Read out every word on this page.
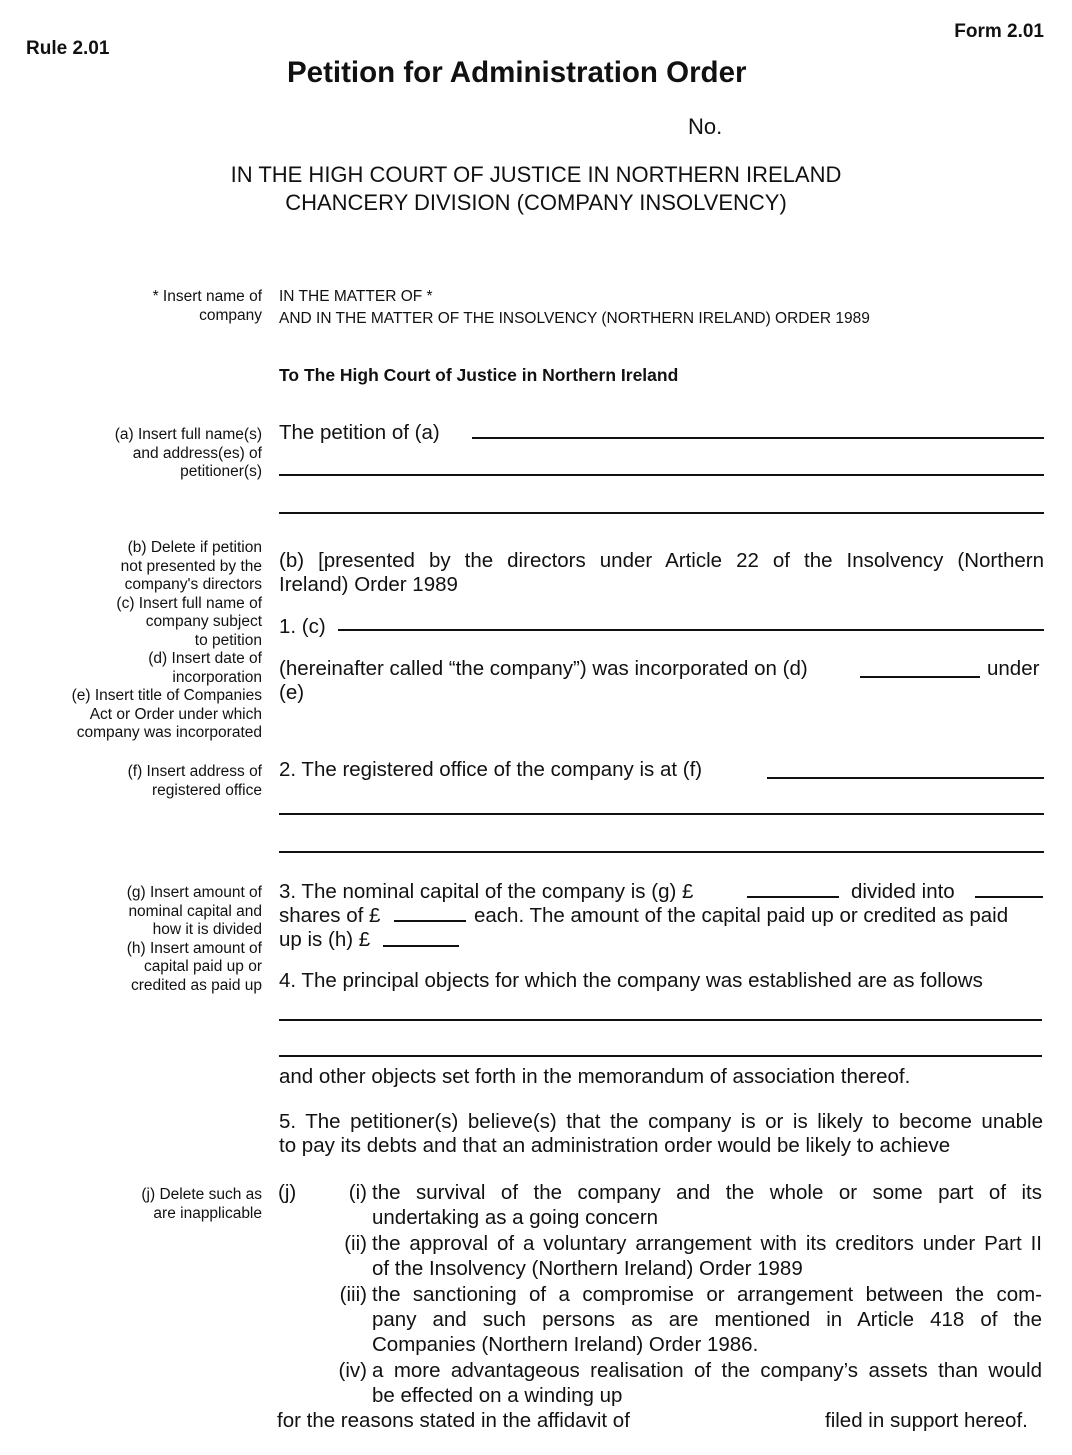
Rule 2.01
Form 2.01
Petition for Administration Order
No.
IN THE HIGH COURT OF JUSTICE IN NORTHERN IRELAND
CHANCERY DIVISION (COMPANY INSOLVENCY)
* Insert name of
company
(a) Insert full name(s)
and address(es) of
petitioner(s)
(b) Delete if petition
not presented by the
company's directors
(c) Insert full name of
company subject
to petition
(d) Insert date of
incorporation
(e) Insert title of Companies
Act or Order under which
company was incorporated
(f) Insert address of
registered office
(g) Insert amount of
nominal capital and
how it is divided
(h) Insert amount of
capital paid up or
credited as paid up
(j) Delete such as
are inapplicable
IN THE MATTER OF *
AND IN THE MATTER OF THE INSOLVENCY (NORTHERN IRELAND) ORDER 1989
To The High Court of Justice in Northern Ireland
The petition of (a)
(b) [presented by the directors under Article 22 of the Insolvency (Northern
Ireland) Order 1989
1. (c)
(hereinafter called “the company”) was incorporated on (d)	under
(e)
2. The registered office of the company is at (f)
3. The nominal capital of the company is (g) £	divided into
shares of £	each. The amount of the capital paid up or credited as paid
up is (h) £
4. The principal objects for which the company was established are as follows
and other objects set forth in the memorandum of association thereof.
5. The petitioner(s) believe(s) that the company is or is likely to become unable
to pay its debts and that an administration order would be likely to achieve
(j)	(i) the survival of the company and the whole or some part of its
undertaking as a going concern
(ii) the approval of a voluntary arrangement with its creditors under Part II
of the Insolvency (Northern Ireland) Order 1989
(iii) the sanctioning of a compromise or arrangement between the com-
pany and such persons as are mentioned in Article 418 of the
Companies (Northern Ireland) Order 1986.
(iv) a more advantageous realisation of the company’s assets than would
be effected on a winding up
for the reasons stated in the affidavit of	filed in support hereof.
